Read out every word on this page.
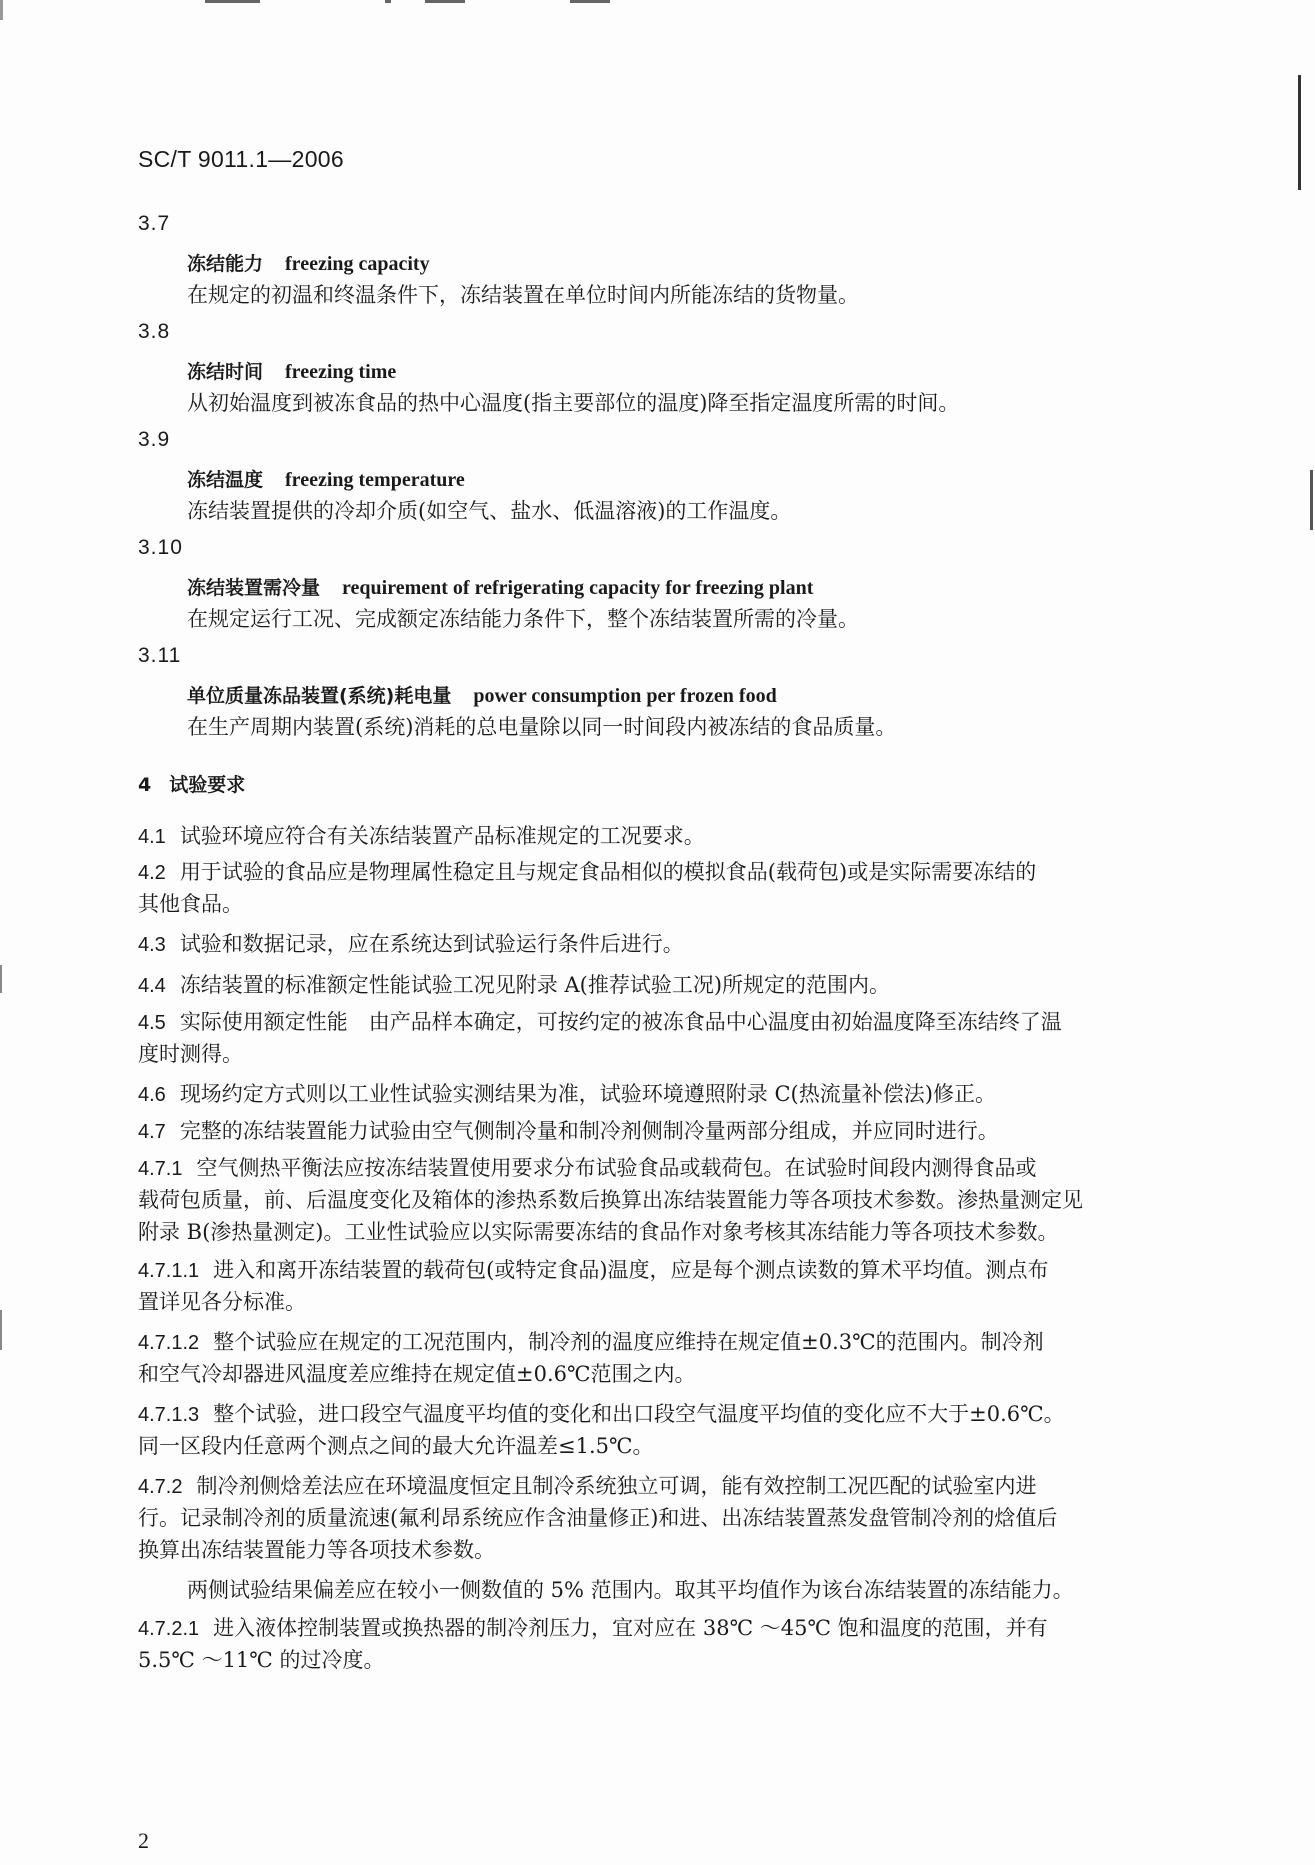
SC/T 9011.1—2006
3.7
冻结能力 freezing capacity
在规定的初温和终温条件下，冻结装置在单位时间内所能冻结的货物量。
3.8
冻结时间 freezing time
从初始温度到被冻食品的热中心温度(指主要部位的温度)降至指定温度所需的时间。
3.9
冻结温度 freezing temperature
冻结装置提供的冷却介质(如空气、盐水、低温溶液)的工作温度。
3.10
冻结装置需冷量 requirement of refrigerating capacity for freezing plant
在规定运行工况、完成额定冻结能力条件下，整个冻结装置所需的冷量。
3.11
单位质量冻品装置(系统)耗电量 power consumption per frozen food
在生产周期内装置(系统)消耗的总电量除以同一时间段内被冻结的食品质量。
4 试验要求
4.1 试验环境应符合有关冻结装置产品标准规定的工况要求。
4.2 用于试验的食品应是物理属性稳定且与规定食品相似的模拟食品(载荷包)或是实际需要冻结的
其他食品。
4.3 试验和数据记录，应在系统达到试验运行条件后进行。
4.4 冻结装置的标准额定性能试验工况见附录 A(推荐试验工况)所规定的范围内。
4.5 实际使用额定性能　由产品样本确定，可按约定的被冻食品中心温度由初始温度降至冻结终了温
度时测得。
4.6 现场约定方式则以工业性试验实测结果为准，试验环境遵照附录 C(热流量补偿法)修正。
4.7 完整的冻结装置能力试验由空气侧制冷量和制冷剂侧制冷量两部分组成，并应同时进行。
4.7.1 空气侧热平衡法应按冻结装置使用要求分布试验食品或载荷包。在试验时间段内测得食品或
载荷包质量，前、后温度变化及箱体的渗热系数后换算出冻结装置能力等各项技术参数。渗热量测定见
附录 B(渗热量测定)。工业性试验应以实际需要冻结的食品作对象考核其冻结能力等各项技术参数。
4.7.1.1 进入和离开冻结装置的载荷包(或特定食品)温度，应是每个测点读数的算术平均值。测点布
置详见各分标准。
4.7.1.2 整个试验应在规定的工况范围内，制冷剂的温度应维持在规定值±0.3℃的范围内。制冷剂
和空气冷却器进风温度差应维持在规定值±0.6℃范围之内。
4.7.1.3 整个试验，进口段空气温度平均值的变化和出口段空气温度平均值的变化应不大于±0.6℃。
同一区段内任意两个测点之间的最大允许温差≤1.5℃。
4.7.2 制冷剂侧焓差法应在环境温度恒定且制冷系统独立可调，能有效控制工况匹配的试验室内进
行。记录制冷剂的质量流速(氟利昂系统应作含油量修正)和进、出冻结装置蒸发盘管制冷剂的焓值后
换算出冻结装置能力等各项技术参数。
两侧试验结果偏差应在较小一侧数值的 5% 范围内。取其平均值作为该台冻结装置的冻结能力。
4.7.2.1 进入液体控制装置或换热器的制冷剂压力，宜对应在 38℃ ～45℃ 饱和温度的范围，并有
5.5℃ ～11℃ 的过冷度。
2
